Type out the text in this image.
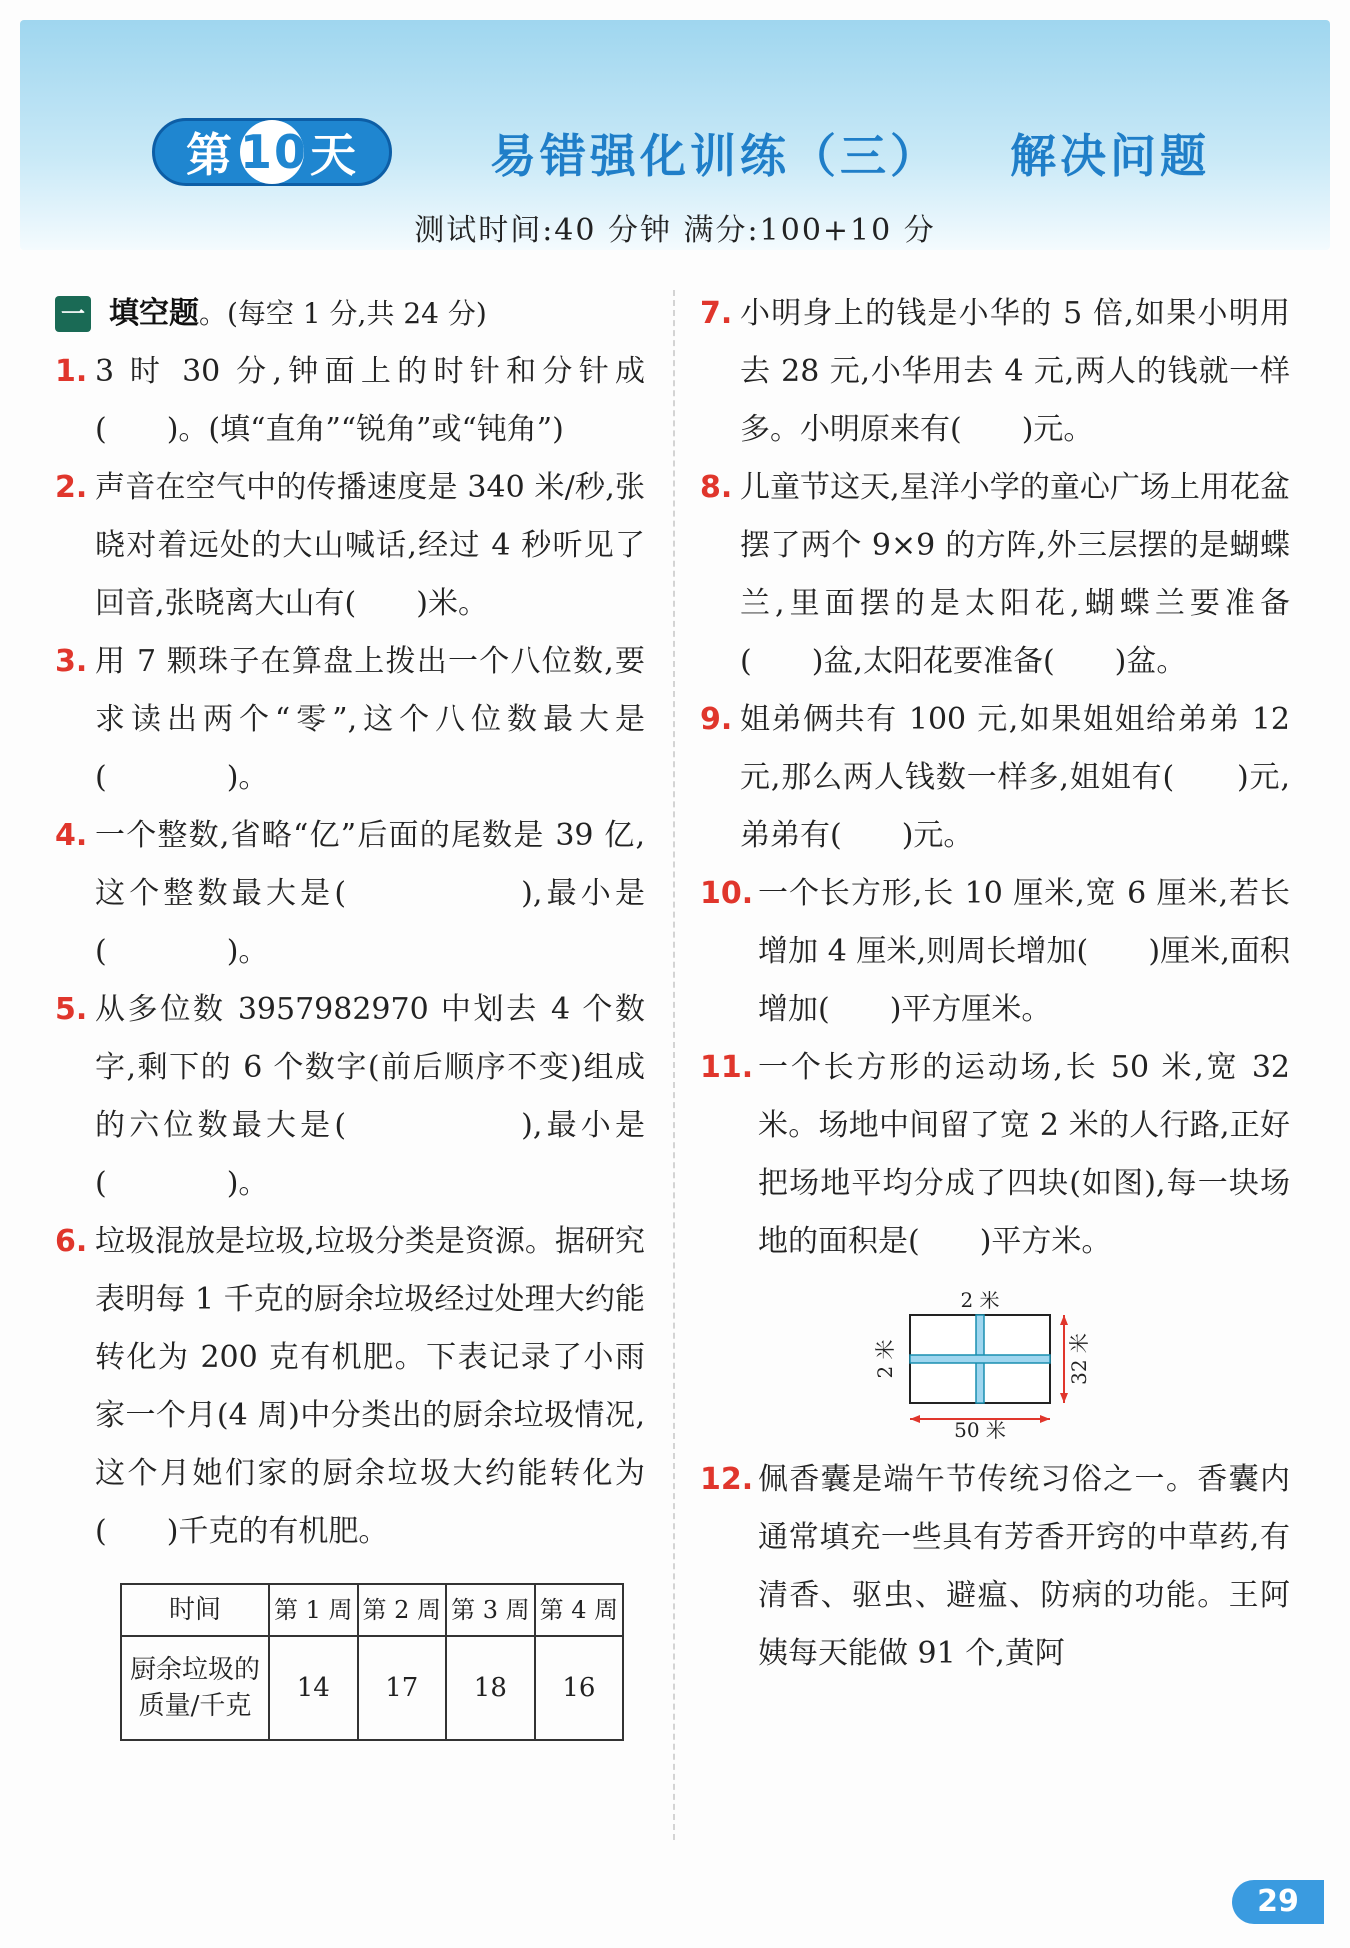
第 10 天	易错强化训练（三） 解决问题
测试时间:40 分钟 满分:100+10 分
一 填空题 。(每空 1 分,共 24 分)
1. 3 时 30 分,钟面上的时针和分针成(　　)。(填“直角”“锐角”或“钝角”)
2. 声音在空气中的传播速度是 340 米/秒,张晓对着远处的大山喊话,经过 4 秒听见了回音,张晓离大山有(　　)米。
3. 用 7 颗珠子在算盘上拨出一个八位数,要求读出两个“零”,这个八位数最大是(　　　　)。
4. 一个整数,省略“亿”后面的尾数是 39 亿,这个整数最大是(　　　　　),最小是(　　　　)。
5. 从多位数 3957982970 中划去 4 个数字,剩下的 6 个数字(前后顺序不变)组成的六位数最大是(　　　　　),最小是(　　　　)。
6. 垃圾混放是垃圾,垃圾分类是资源。据研究表明每 1 千克的厨余垃圾经过处理大约能转化为 200 克有机肥。下表记录了小雨家一个月(4 周)中分类出的厨余垃圾情况,这个月她们家的厨余垃圾大约能转化为(　　)千克的有机肥。
时间	第 1 周	第 2 周	第 3 周	第 4 周
厨余垃圾的质量/千克	14	17	18	16
7. 小明身上的钱是小华的 5 倍,如果小明用去 28 元,小华用去 4 元,两人的钱就一样多。小明原来有(　　)元。
8. 儿童节这天,星洋小学的童心广场上用花盆摆了两个 9×9 的方阵,外三层摆的是蝴蝶兰,里面摆的是太阳花,蝴蝶兰要准备(　　)盆,太阳花要准备(　　)盆。
9. 姐弟俩共有 100 元,如果姐姐给弟弟 12 元,那么两人钱数一样多,姐姐有(　　)元,弟弟有(　　)元。
10. 一个长方形,长 10 厘米,宽 6 厘米,若长增加 4 厘米,则周长增加(　　)厘米,面积增加(　　)平方厘米。
11. 一个长方形的运动场,长 50 米,宽 32 米。场地中间留了宽 2 米的人行路,正好把场地平均分成了四块(如图),每一块场地的面积是(　　)平方米。
2 米
50 米
2 米	32 米
12. 佩香囊是端午节传统习俗之一。香囊内通常填充一些具有芳香开窍的中草药,有清香、驱虫、避瘟、防病的功能。王阿姨每天能做 91 个,黄阿
29
